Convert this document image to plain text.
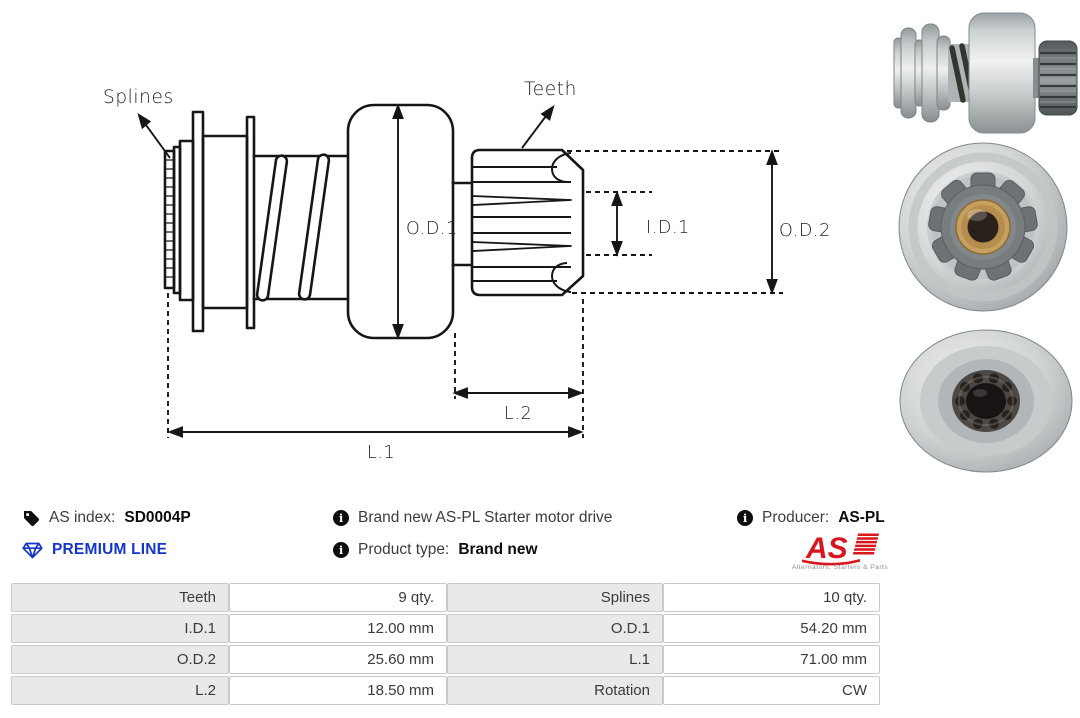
Splines	Teeth
O.D.1	I.D.1	O.D.2
L.2
L.1
AS index: SD0004P
PREMIUM LINE
i Brand new AS-PL Starter motor drive
i Product type: Brand new
i Producer: AS-PL
AS
Alternators, Starters & Parts
Teeth	9 qty.	Splines	10 qty.
I.D.1	12.00 mm	O.D.1	54.20 mm
O.D.2	25.60 mm	L.1	71.00 mm
L.2	18.50 mm	Rotation	CW
